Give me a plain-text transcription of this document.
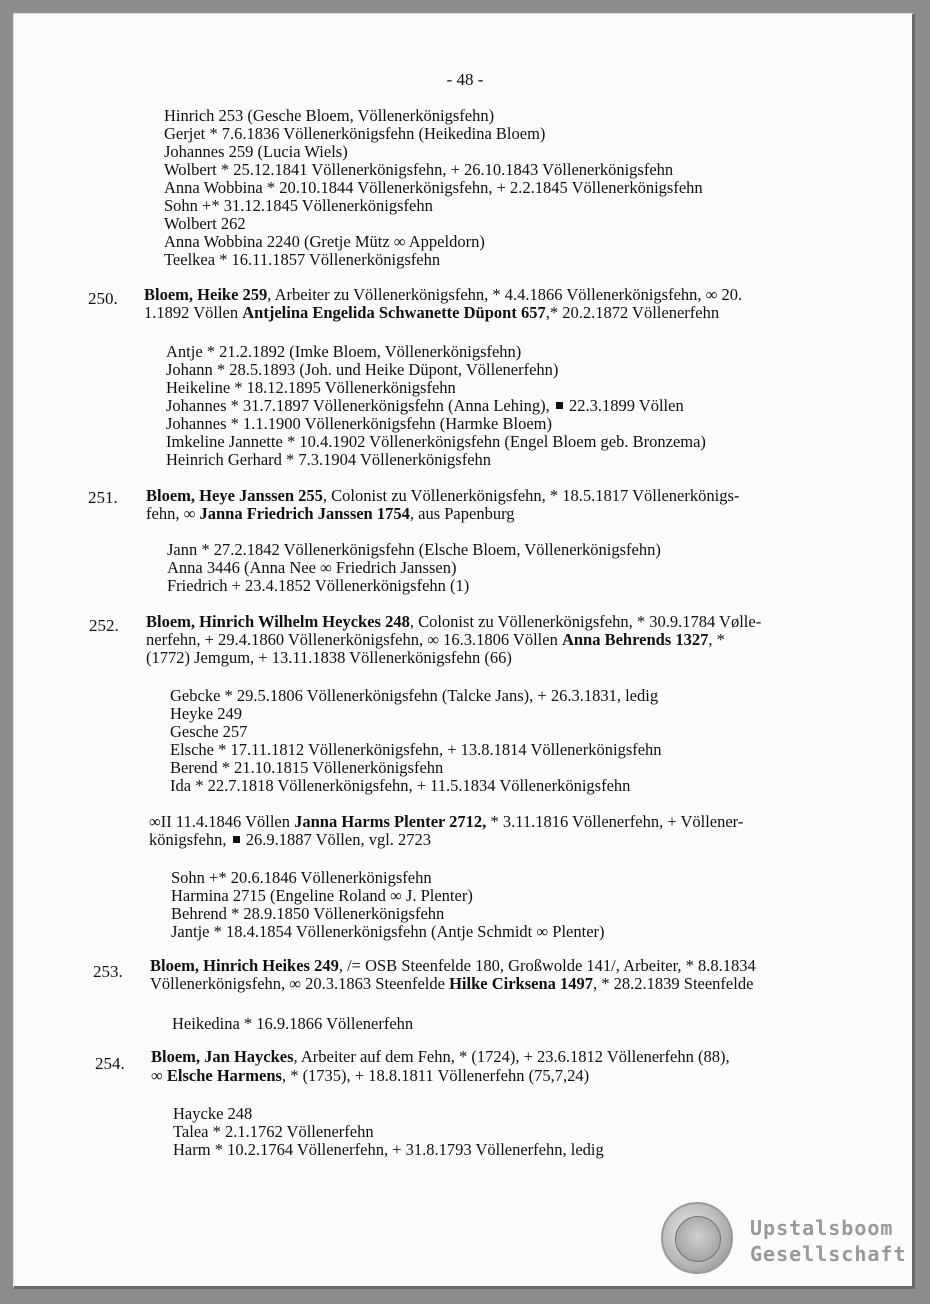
- 48 -
Hinrich 253 (Gesche Bloem, Völlenerkönigsfehn)
Gerjet * 7.6.1836 Völlenerkönigsfehn (Heikedina Bloem)
Johannes 259 (Lucia Wiels)
Wolbert * 25.12.1841 Völlenerkönigsfehn, + 26.10.1843 Völlenerkönigsfehn
Anna Wobbina * 20.10.1844 Völlenerkönigsfehn, + 2.2.1845 Völlenerkönigsfehn
Sohn +* 31.12.1845 Völlenerkönigsfehn
Wolbert 262
Anna Wobbina 2240 (Gretje Mütz ∞ Appeldorn)
Teelkea * 16.11.1857 Völlenerkönigsfehn
250. Bloem, Heike 259, Arbeiter zu Völlenerkönigsfehn, * 4.4.1866 Völlenerkönigsfehn, ∞ 20.
1.1892 Völlen Antjelina Engelida Schwanette Düpont 657,* 20.2.1872 Völlenerfehn
Antje * 21.2.1892 (Imke Bloem, Völlenerkönigsfehn)
Johann * 28.5.1893 (Joh. und Heike Düpont, Völlenerfehn)
Heikeline * 18.12.1895 Völlenerkönigsfehn
Johannes * 31.7.1897 Völlenerkönigsfehn (Anna Lehing), 22.3.1899 Völlen
Johannes * 1.1.1900 Völlenerkönigsfehn (Harmke Bloem)
Imkeline Jannette * 10.4.1902 Völlenerkönigsfehn (Engel Bloem geb. Bronzema)
Heinrich Gerhard * 7.3.1904 Völlenerkönigsfehn
251. Bloem, Heye Janssen 255, Colonist zu Völlenerkönigsfehn, * 18.5.1817 Völlenerkönigs-
fehn, ∞ Janna Friedrich Janssen 1754, aus Papenburg
Jann * 27.2.1842 Völlenerkönigsfehn (Elsche Bloem, Völlenerkönigsfehn)
Anna 3446 (Anna Nee ∞ Friedrich Janssen)
Friedrich + 23.4.1852 Völlenerkönigsfehn (1)
252. Bloem, Hinrich Wilhelm Heyckes 248, Colonist zu Völlenerkönigsfehn, * 30.9.1784 Vølle-
nerfehn, + 29.4.1860 Völlenerkönigsfehn, ∞ 16.3.1806 Völlen Anna Behrends 1327, *
(1772) Jemgum, + 13.11.1838 Völlenerkönigsfehn (66)
Gebcke * 29.5.1806 Völlenerkönigsfehn (Talcke Jans), + 26.3.1831, ledig
Heyke 249
Gesche 257
Elsche * 17.11.1812 Völlenerkönigsfehn, + 13.8.1814 Völlenerkönigsfehn
Berend * 21.10.1815 Völlenerkönigsfehn
Ida * 22.7.1818 Völlenerkönigsfehn, + 11.5.1834 Völlenerkönigsfehn
∞II 11.4.1846 Völlen Janna Harms Plenter 2712, * 3.11.1816 Völlenerfehn, + Völlener-
königsfehn, 26.9.1887 Völlen, vgl. 2723
Sohn +* 20.6.1846 Völlenerkönigsfehn
Harmina 2715 (Engeline Roland ∞ J. Plenter)
Behrend * 28.9.1850 Völlenerkönigsfehn
Jantje * 18.4.1854 Völlenerkönigsfehn (Antje Schmidt ∞ Plenter)
253. Bloem, Hinrich Heikes 249, /= OSB Steenfelde 180, Großwolde 141/, Arbeiter, * 8.8.1834
Völlenerkönigsfehn, ∞ 20.3.1863 Steenfelde Hilke Cirksena 1497, * 28.2.1839 Steenfelde
Heikedina * 16.9.1866 Völlenerfehn
254. Bloem, Jan Hayckes, Arbeiter auf dem Fehn, * (1724), + 23.6.1812 Völlenerfehn (88),
∞ Elsche Harmens, * (1735), + 18.8.1811 Völlenerfehn (75,7,24)
Haycke 248
Talea * 2.1.1762 Völlenerfehn
Harm * 10.2.1764 Völlenerfehn, + 31.8.1793 Völlenerfehn, ledig
Upstalsboom
Gesellschaft
